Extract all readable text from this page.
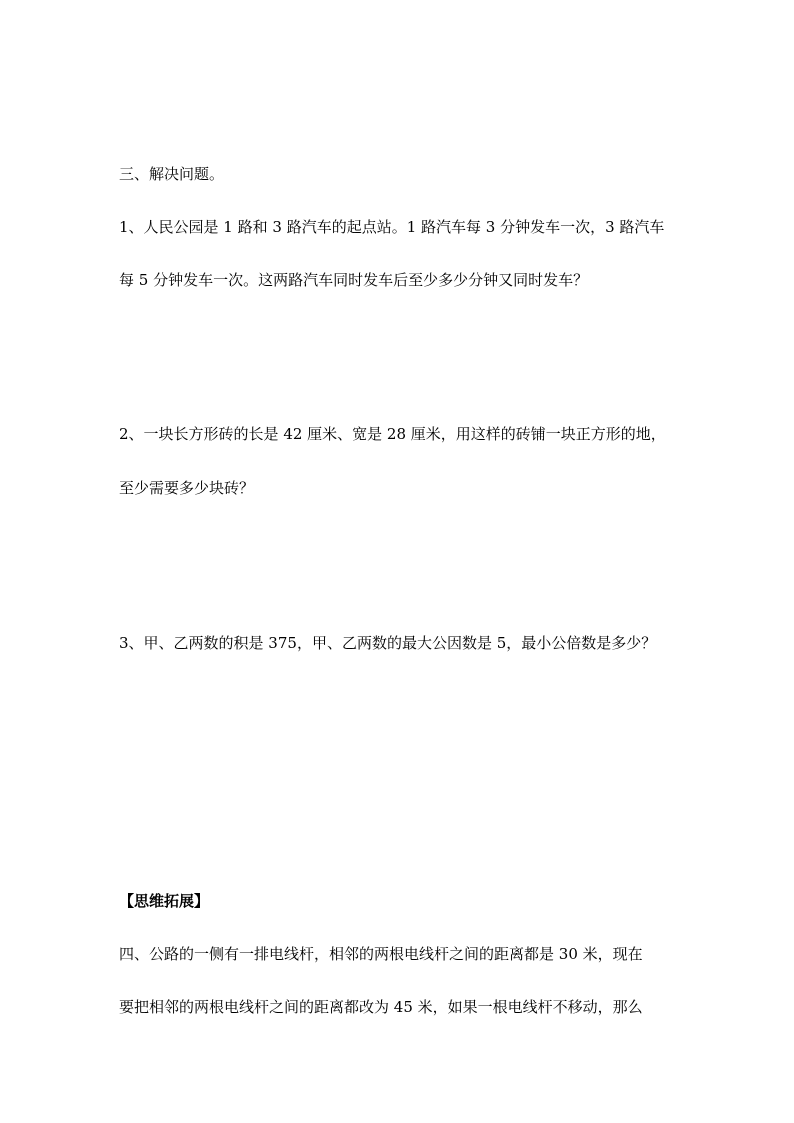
三、解决问题。
1、人民公园是 1 路和 3 路汽车的起点站。1 路汽车每 3 分钟发车一次，3 路汽车
每 5 分钟发车一次。这两路汽车同时发车后至少多少分钟又同时发车？
2、一块长方形砖的长是 42 厘米、宽是 28 厘米，用这样的砖铺一块正方形的地，
至少需要多少块砖？
3、甲、乙两数的积是 375，甲、乙两数的最大公因数是 5，最小公倍数是多少？
【思维拓展】
四、公路的一侧有一排电线杆，相邻的两根电线杆之间的距离都是 30 米，现在
要把相邻的两根电线杆之间的距离都改为 45 米，如果一根电线杆不移动，那么
